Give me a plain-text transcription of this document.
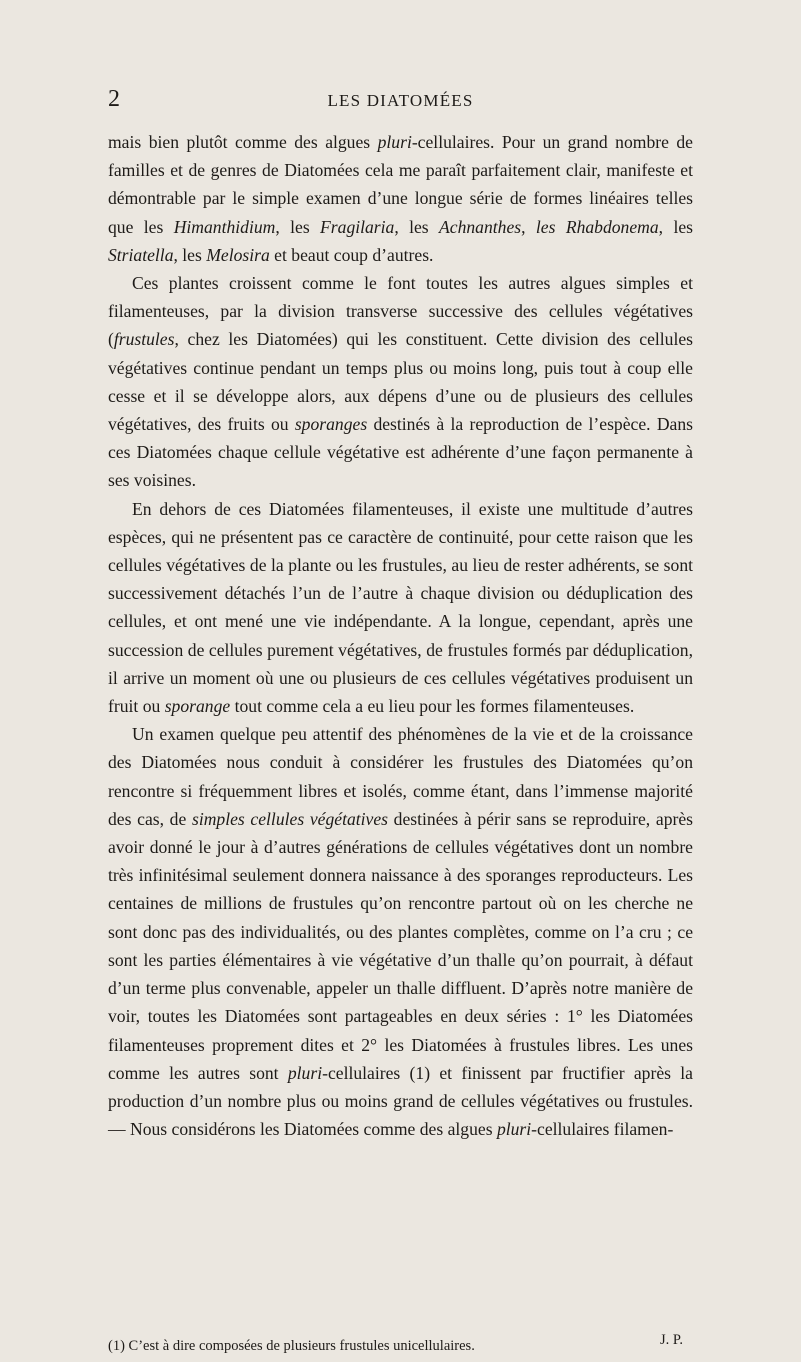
2	LES DIATOMÉES

mais bien plutôt comme des algues pluri-cellulaires. Pour un grand nombre de familles et de genres de Diatomées cela me paraît parfaitement clair, manifeste et démontrable par le simple examen d’une longue série de formes linéaires telles que les Himanthidium, les Fragilaria, les Achnanthes, les Rhabdonema, les Striatella, les Melosira et beaut coup d’autres.

Ces plantes croissent comme le font toutes les autres algues simples et filamenteuses, par la division transverse successive des cellules végétatives (frustules, chez les Diatomées) qui les constituent. Cette division des cellules végétatives continue pendant un temps plus ou moins long, puis tout à coup elle cesse et il se développe alors, aux dépens d’une ou de plusieurs des cellules végétatives, des fruits ou sporanges destinés à la reproduction de l’espèce. Dans ces Diatomées chaque cellule végétative est adhérente d’une façon permanente à ses voisines.

En dehors de ces Diatomées filamenteuses, il existe une multitude d’autres espèces, qui ne présentent pas ce caractère de continuité, pour cette raison que les cellules végétatives de la plante ou les frustules, au lieu de rester adhérents, se sont successivement détachés l’un de l’autre à chaque division ou déduplication des cellules, et ont mené une vie indépendante. A la longue, cependant, après une succession de cellules purement végétatives, de frustules formés par déduplication, il arrive un moment où une ou plusieurs de ces cellules végétatives produisent un fruit ou sporange tout comme cela a eu lieu pour les formes filamenteuses.

Un examen quelque peu attentif des phénomènes de la vie et de la croissance des Diatomées nous conduit à considérer les frustules des Diatomées qu’on rencontre si fréquemment libres et isolés, comme étant, dans l’immense majorité des cas, de simples cellules végétatives destinées à périr sans se reproduire, après avoir donné le jour à d’autres générations de cellules végétatives dont un nombre très infinitésimal seulement donnera naissance à des sporanges reproducteurs. Les centaines de millions de frustules qu’on rencontre partout où on les cherche ne sont donc pas des individualités, ou des plantes complètes, comme on l’a cru ; ce sont les parties élémentaires à vie végétative d’un thalle qu’on pourrait, à défaut d’un terme plus convenable, appeler un thalle diffluent. D’après notre manière de voir, toutes les Diatomées sont partageables en deux séries : 1° les Diatomées filamenteuses proprement dites et 2° les Diatomées à frustules libres. Les unes comme les autres sont pluri-cellulaires (1) et finissent par fructifier après la production d’un nombre plus ou moins grand de cellules végétatives ou frustules. — Nous considérons les Diatomées comme des algues pluri-cellulaires filamen-

(1) C’est à dire composées de plusieurs frustules unicellulaires.	J. P.
